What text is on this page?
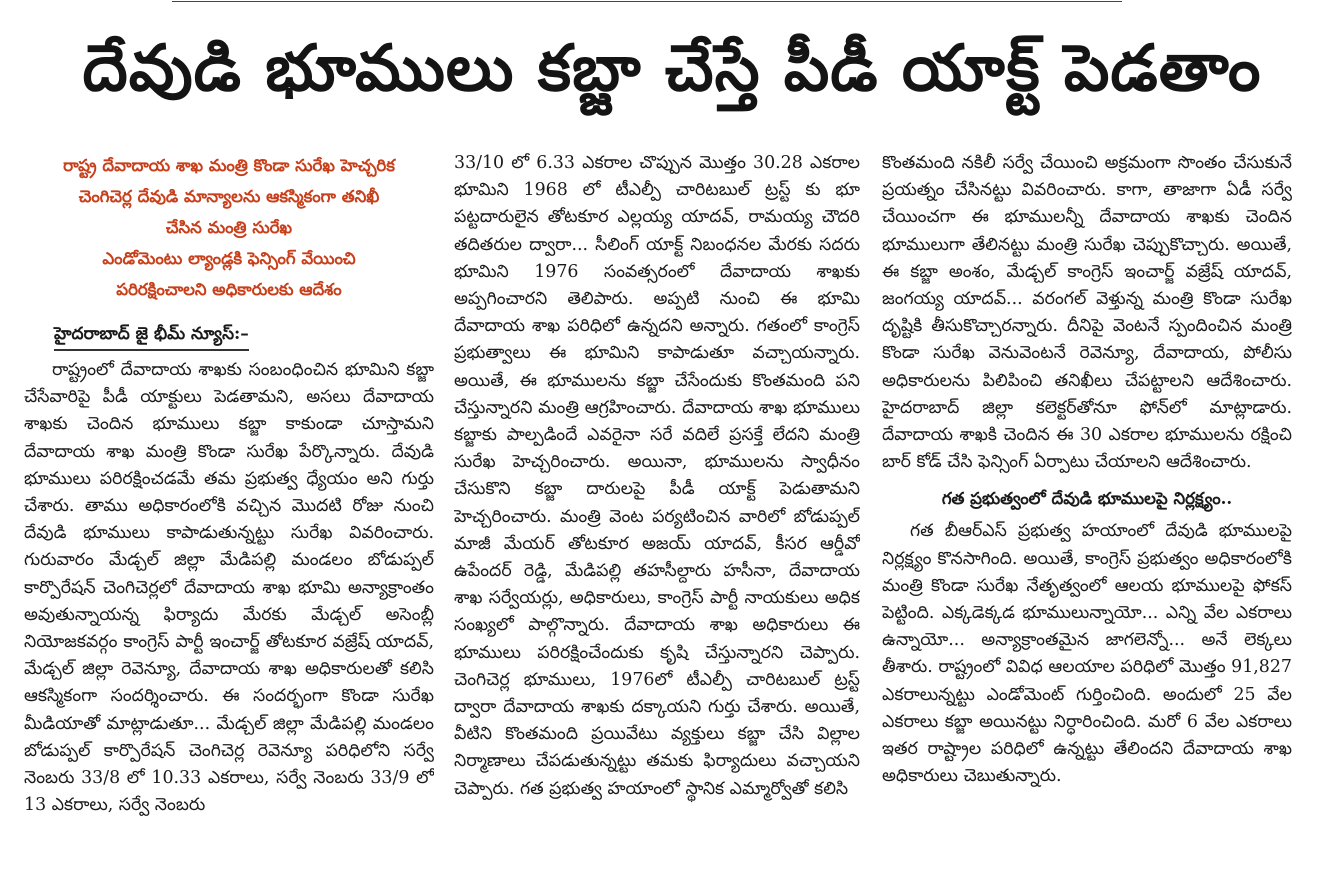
దేవుడి భూములు కబ్జా చేస్తే పీడీ యాక్ట్ పెడతాం
రాష్ట్ర దేవాదాయ శాఖ మంత్రి కొండా సురేఖ హెచ్చరిక
చెంగిచెర్ల దేవుడి మాన్యాలను ఆకస్మికంగా తనిఖీ
చేసిన మంత్రి సురేఖ
ఎండోమెంటు ల్యాండ్లకి ఫెన్సింగ్ వేయించి
పరిరక్షించాలని అధికారులకు ఆదేశం
హైదరాబాద్ జై భీమ్ న్యూస్:–

రాష్ట్రంలో దేవాదాయ శాఖకు సంబంధించిన భూమిని కబ్జా చేసేవారిపై పీడీ యాక్టులు పెడతామని, అసలు దేవాదాయ శాఖకు చెందిన భూములు కబ్జా కాకుండా చూస్తామని దేవాదాయ శాఖ మంత్రి కొండా సురేఖ పేర్కొన్నారు. దేవుడి భూములు పరిరక్షించడమే తమ ప్రభుత్వ ధ్యేయం అని గుర్తు చేశారు. తాము అధికారంలోకి వచ్చిన మొదటి రోజు నుంచి దేవుడి భూములు కాపాడుతున్నట్టు సురేఖ వివరించారు. గురువారం మేడ్చల్ జిల్లా మేడిపల్లి మండలం బోడుప్పల్ కార్పొరేషన్ చెంగిచెర్లలో దేవాదాయ శాఖ భూమి అన్యాక్రాంతం అవుతున్నాయన్న ఫిర్యాదు మేరకు మేడ్చల్ అసెంబ్లీ నియోజకవర్గం కాంగ్రెస్ పార్టీ ఇంచార్జ్ తోటకూర వజ్రేష్ యాదవ్, మేడ్చల్ జిల్లా రెవెన్యూ, దేవాదాయ శాఖ అధికారులతో కలిసి ఆకస్మికంగా సందర్శించారు. ఈ సందర్భంగా కొండా సురేఖ మీడియాతో మాట్లాడుతూ... మేడ్చల్ జిల్లా మేడిపల్లి మండలం బోడుప్పల్ కార్పొరేషన్ చెంగిచెర్ల రెవెన్యూ పరిధిలోని సర్వే నెంబరు 33/8 లో 10.33 ఎకరాలు, సర్వే నెంబరు 33/9 లో 13 ఎకరాలు, సర్వే నెంబరు

33/10 లో 6.33 ఎకరాల చొప్పున మొత్తం 30.28 ఎకరాల భూమిని 1968 లో టీఎల్పీ చారిటబుల్ ట్రస్ట్ కు భూ పట్టదారులైన తోటకూర ఎల్లయ్య యాదవ్, రామయ్య చౌదరి తదితరుల ద్వారా... సీలింగ్ యాక్ట్ నిబంధనల మేరకు సదరు భూమిని 1976 సంవత్సరంలో దేవాదాయ శాఖకు అప్పగించారని తెలిపారు. అప్పటి నుంచి ఈ భూమి దేవాదాయ శాఖ పరిధిలో ఉన్నదని అన్నారు. గతంలో కాంగ్రెస్ ప్రభుత్వాలు ఈ భూమిని కాపాడుతూ వచ్చాయన్నారు. అయితే, ఈ భూములను కబ్జా చేసేందుకు కొంతమంది పని చేస్తున్నారని మంత్రి ఆగ్రహించారు. దేవాదాయ శాఖ భూములు కబ్జాకు పాల్పడిందే ఎవరైనా సరే వదిలే ప్రసక్తే లేదని మంత్రి సురేఖ హెచ్చరించారు. అయినా, భూములను స్వాధీనం చేసుకొని కబ్జా దారులపై పీడీ యాక్ట్ పెడుతామని హెచ్చరించారు. మంత్రి వెంట పర్యటించిన వారిలో బోడుప్పల్ మాజీ మేయర్ తోటకూర అజయ్ యాదవ్, కీసర ఆర్డీవో ఉపేందర్ రెడ్డి, మేడిపల్లి తహసీల్దారు హసీనా, దేవాదాయ శాఖ సర్వేయర్లు, అధికారులు, కాంగ్రెస్ పార్టీ నాయకులు అధిక సంఖ్యలో పాల్గొన్నారు. దేవాదాయ శాఖ అధికారులు ఈ భూములు పరిరక్షించేందుకు కృషి చేస్తున్నారని చెప్పారు. చెంగిచెర్ల భూములు, 1976లో టీఎల్పీ చారిటబుల్ ట్రస్ట్ ద్వారా దేవాదాయ శాఖకు దక్కాయని గుర్తు చేశారు. అయితే, వీటిని కొంతమంది ప్రయివేటు వ్యక్తులు కబ్జా చేసి విల్లాల నిర్మాణాలు చేపడుతున్నట్టు తమకు ఫిర్యాదులు వచ్చాయని చెప్పారు. గత ప్రభుత్వ హయాంలో స్థానిక ఎమ్మార్వోతో కలిసి

కొంతమంది నకిలీ సర్వే చేయించి అక్రమంగా సొంతం చేసుకునే ప్రయత్నం చేసినట్టు వివరించారు. కాగా, తాజాగా ఏడీ సర్వే చేయించగా ఈ భూములన్నీ దేవాదాయ శాఖకు చెందిన భూములుగా తేలినట్టు మంత్రి సురేఖ చెప్పుకొచ్చారు. అయితే, ఈ కబ్జా అంశం, మేడ్చల్ కాంగ్రెస్ ఇంచార్జ్ వజ్రేష్ యాదవ్, జంగయ్య యాదవ్... వరంగల్ వెళ్తున్న మంత్రి కొండా సురేఖ దృష్టికి తీసుకొచ్చారన్నారు. దీనిపై వెంటనే స్పందించిన మంత్రి కొండా సురేఖ వెనువెంటనే రెవెన్యూ, దేవాదాయ, పోలీసు అధికారులను పిలిపించి తనిఖీలు చేపట్టాలని ఆదేశించారు. హైదరాబాద్ జిల్లా కలెక్టర్‌తోనూ ఫోన్‌లో మాట్లాడారు. దేవాదాయ శాఖకి చెందిన ఈ 30 ఎకరాల భూములను రక్షించి బార్ కోడ్ చేసి ఫెన్సింగ్ ఏర్పాటు చేయాలని ఆదేశించారు.

గత ప్రభుత్వంలో దేవుడి భూములపై నిర్లక్ష్యం..

గత బీఆర్ఎస్ ప్రభుత్వ హయాంలో దేవుడి భూములపై నిర్లక్ష్యం కొనసాగింది. అయితే, కాంగ్రెస్ ప్రభుత్వం అధికారంలోకి మంత్రి కొండా సురేఖ నేతృత్వంలో ఆలయ భూములపై ఫోకస్ పెట్టింది. ఎక్కడెక్కడ భూములున్నాయో... ఎన్ని వేల ఎకరాలు ఉన్నాయో... అన్యాక్రాంతమైన జాగలెన్నో... అనే లెక్కలు తీశారు. రాష్ట్రంలో వివిధ ఆలయాల పరిధిలో మొత్తం 91,827 ఎకరాలున్నట్టు ఎండోమెంట్ గుర్తించింది. అందులో 25 వేల ఎకరాలు కబ్జా అయినట్టు నిర్ధారించింది. మరో 6 వేల ఎకరాలు ఇతర రాష్ట్రాల పరిధిలో ఉన్నట్టు తేలిందని దేవాదాయ శాఖ అధికారులు చెబుతున్నారు.
